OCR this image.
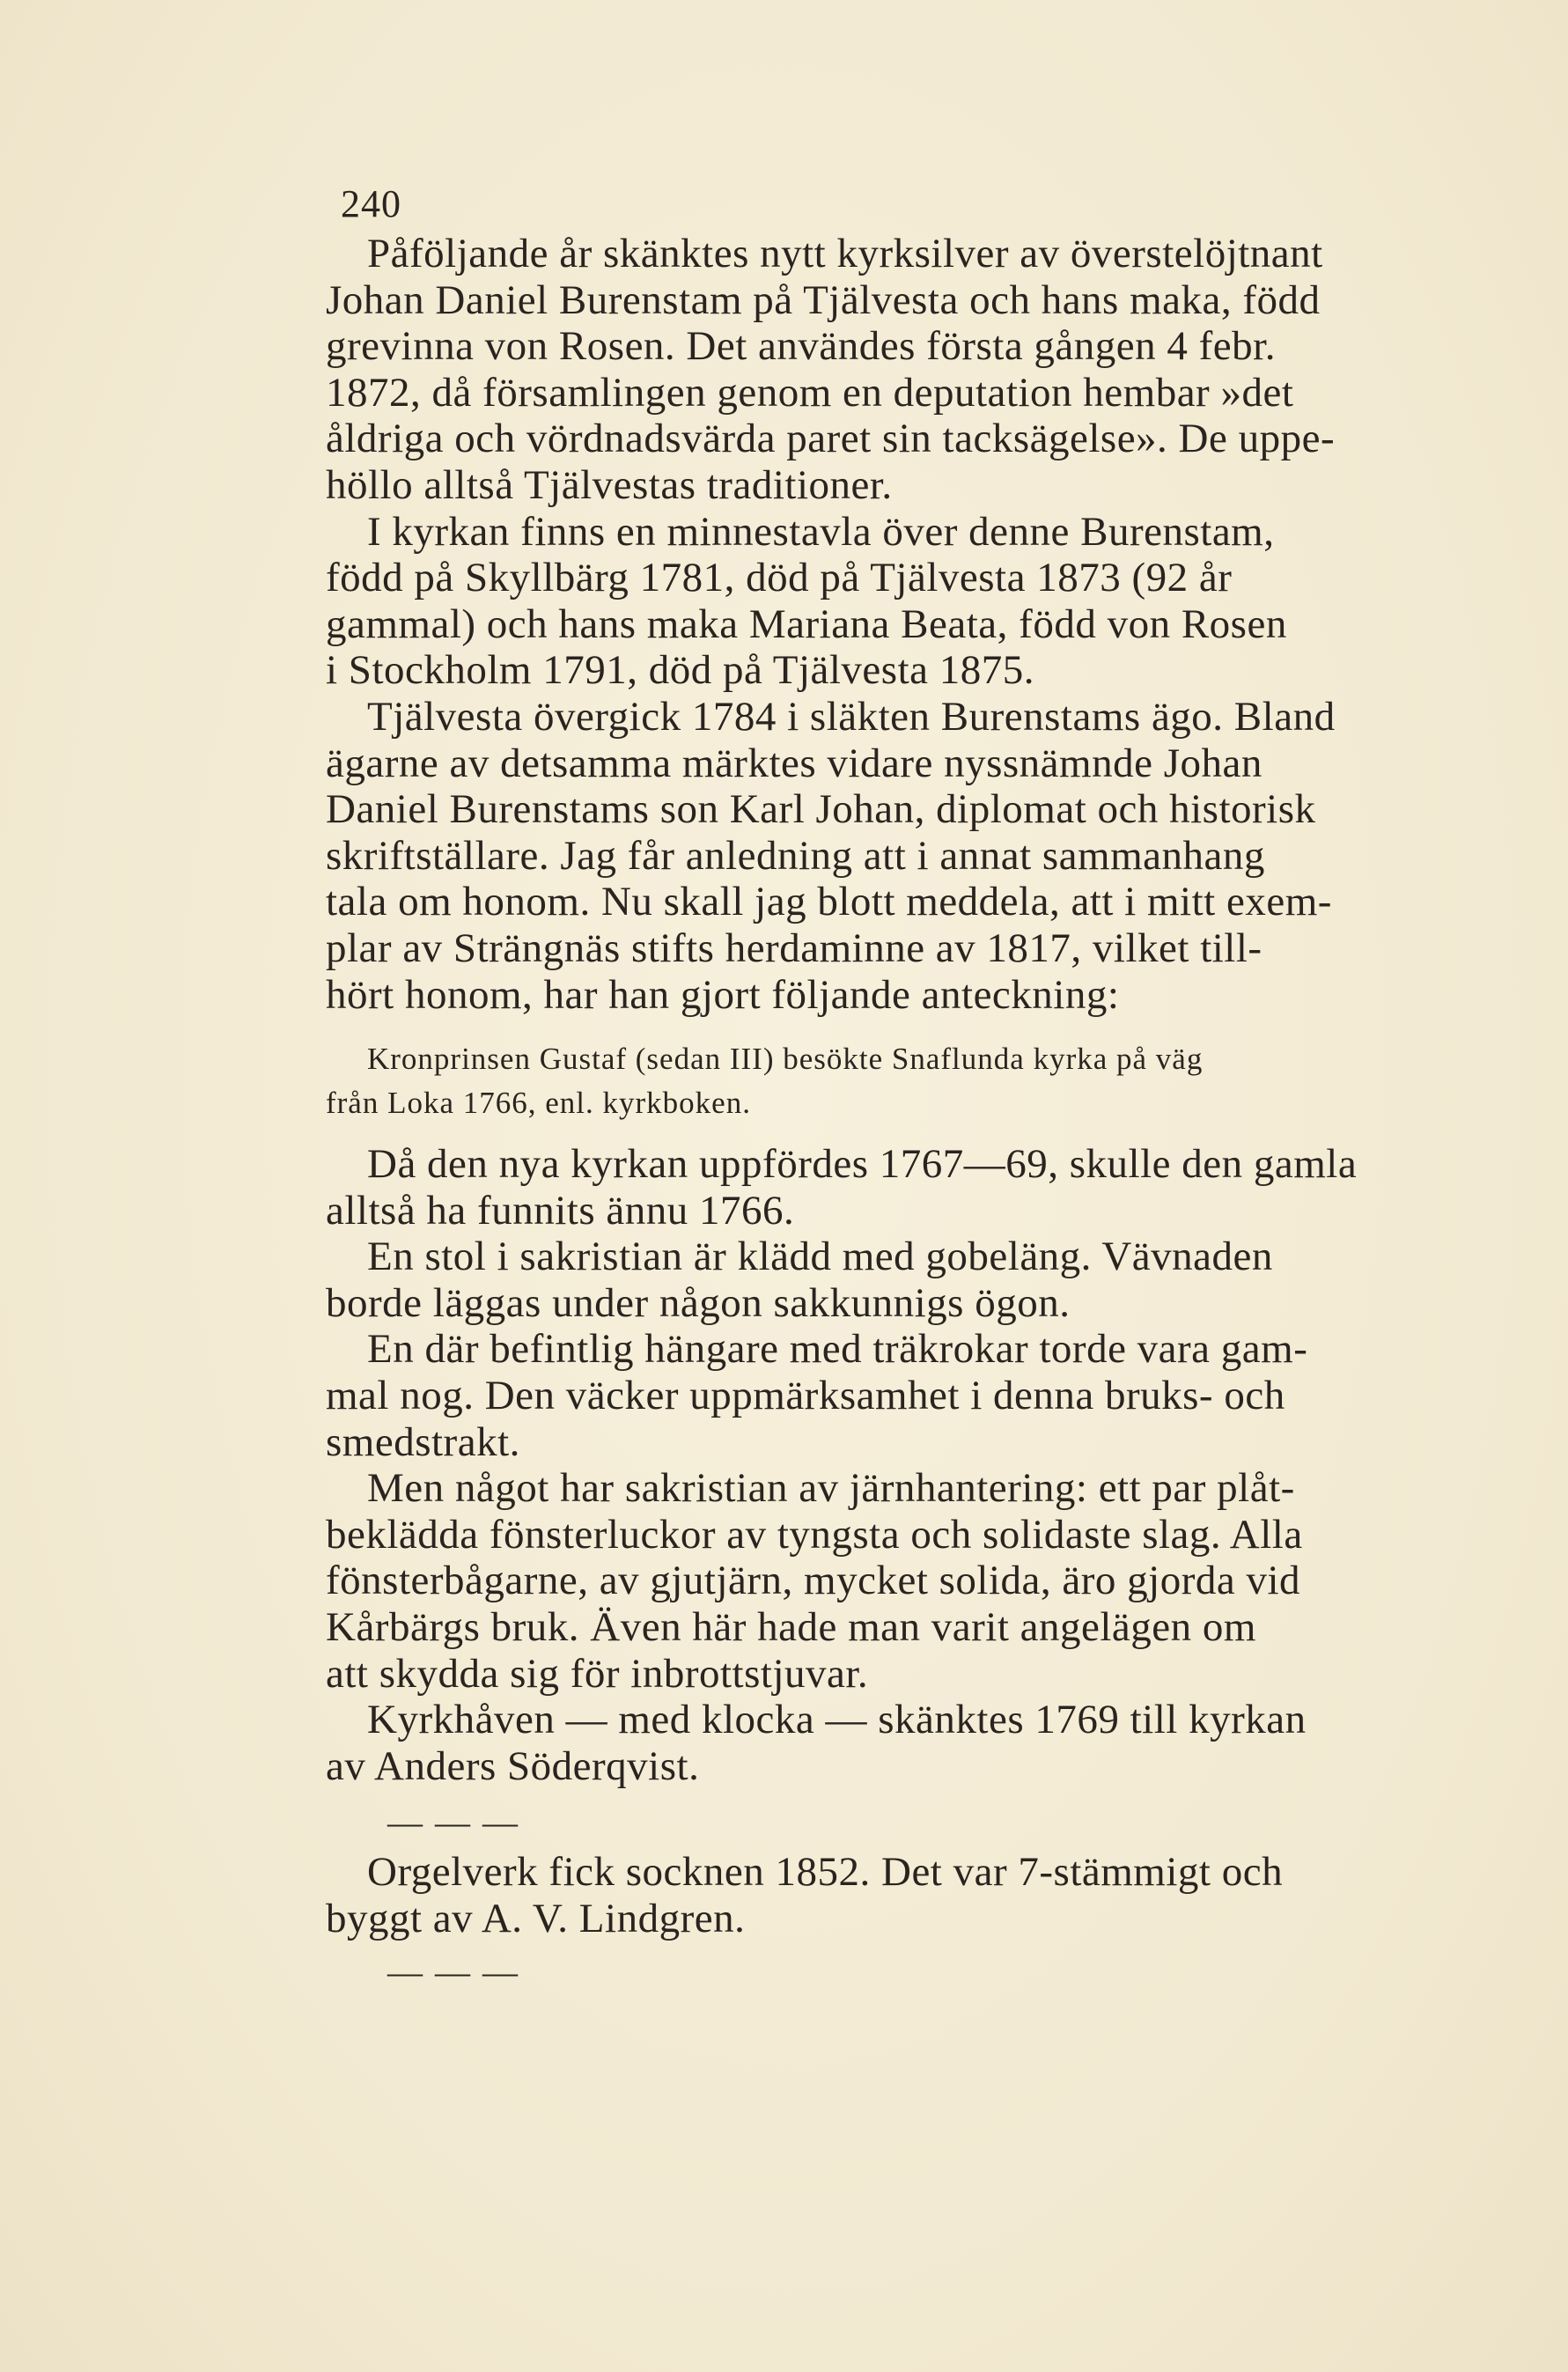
240
Påföljande år skänktes nytt kyrksilver av överstelöjtnant
Johan Daniel Burenstam på Tjälvesta och hans maka, född
grevinna von Rosen. Det användes första gången 4 febr.
1872, då församlingen genom en deputation hembar »det
åldriga och vördnadsvärda paret sin tacksägelse». De uppe-
höllo alltså Tjälvestas traditioner.
I kyrkan finns en minnestavla över denne Burenstam,
född på Skyllbärg 1781, död på Tjälvesta 1873 (92 år
gammal) och hans maka Mariana Beata, född von Rosen
i Stockholm 1791, död på Tjälvesta 1875.
Tjälvesta övergick 1784 i släkten Burenstams ägo. Bland
ägarne av detsamma märktes vidare nyssnämnde Johan
Daniel Burenstams son Karl Johan, diplomat och historisk
skriftställare. Jag får anledning att i annat sammanhang
tala om honom. Nu skall jag blott meddela, att i mitt exem-
plar av Strängnäs stifts herdaminne av 1817, vilket till-
hört honom, har han gjort följande anteckning:
Kronprinsen Gustaf (sedan III) besökte Snaflunda kyrka på väg
från Loka 1766, enl. kyrkboken.
Då den nya kyrkan uppfördes 1767—69, skulle den gamla
alltså ha funnits ännu 1766.
En stol i sakristian är klädd med gobeläng. Vävnaden
borde läggas under någon sakkunnigs ögon.
En där befintlig hängare med träkrokar torde vara gam-
mal nog. Den väcker uppmärksamhet i denna bruks- och
smedstrakt.
Men något har sakristian av järnhantering: ett par plåt-
beklädda fönsterluckor av tyngsta och solidaste slag. Alla
fönsterbågarne, av gjutjärn, mycket solida, äro gjorda vid
Kårbärgs bruk. Även här hade man varit angelägen om
att skydda sig för inbrottstjuvar.
Kyrkhåven — med klocka — skänktes 1769 till kyrkan
av Anders Söderqvist.
— — —
Orgelverk fick socknen 1852. Det var 7-stämmigt och
byggt av A. V. Lindgren.
— — —
